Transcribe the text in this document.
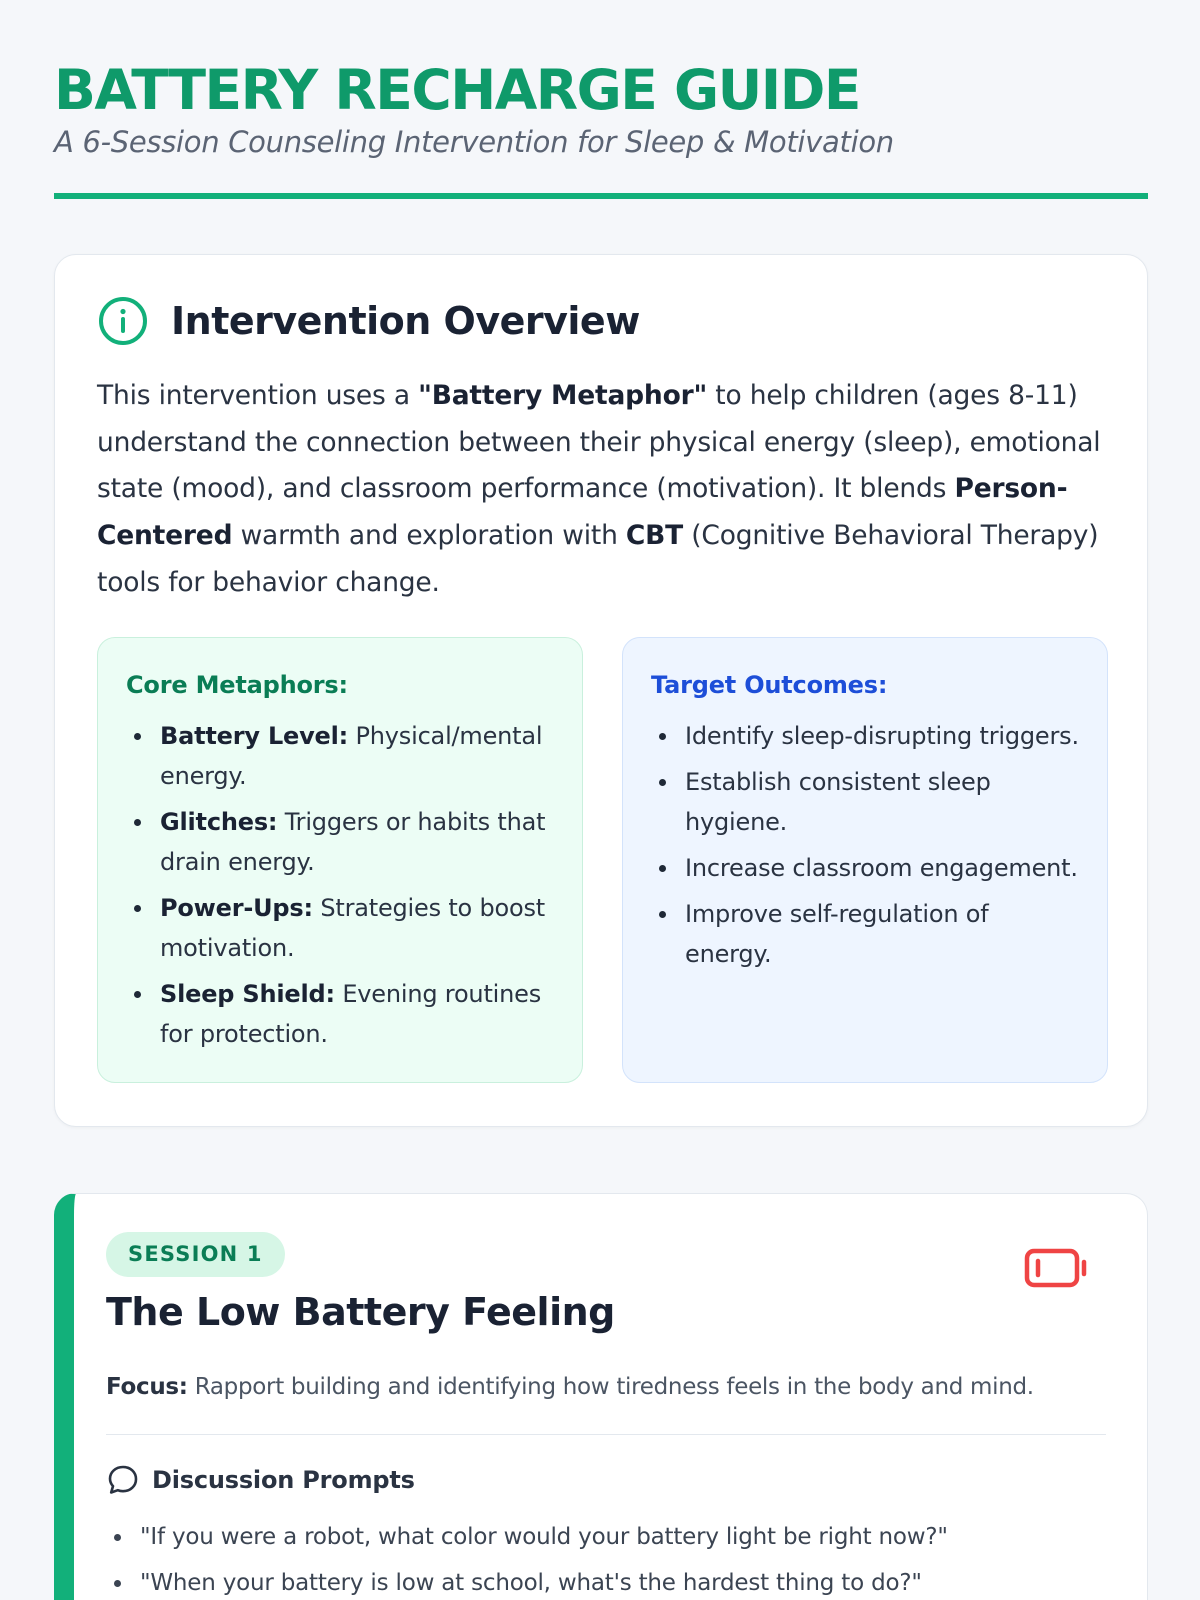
BATTERY RECHARGE GUIDE
A 6-Session Counseling Intervention for Sleep & Motivation
Intervention Overview
This intervention uses a "Battery Metaphor" to help children (ages 8-11) understand the connection between their physical energy (sleep), emotional state (mood), and classroom performance (motivation). It blends Person-Centered warmth and exploration with CBT (Cognitive Behavioral Therapy) tools for behavior change.
Core Metaphors:
Battery Level: Physical/mental energy.
Glitches: Triggers or habits that drain energy.
Power-Ups: Strategies to boost motivation.
Sleep Shield: Evening routines for protection.
Target Outcomes:
Identify sleep-disrupting triggers.
Establish consistent sleep hygiene.
Increase classroom engagement.
Improve self-regulation of energy.
SESSION 1
The Low Battery Feeling
Focus: Rapport building and identifying how tiredness feels in the body and mind.
Discussion Prompts
"If you were a robot, what color would your battery light be right now?"
"When your battery is low at school, what's the hardest thing to do?"
